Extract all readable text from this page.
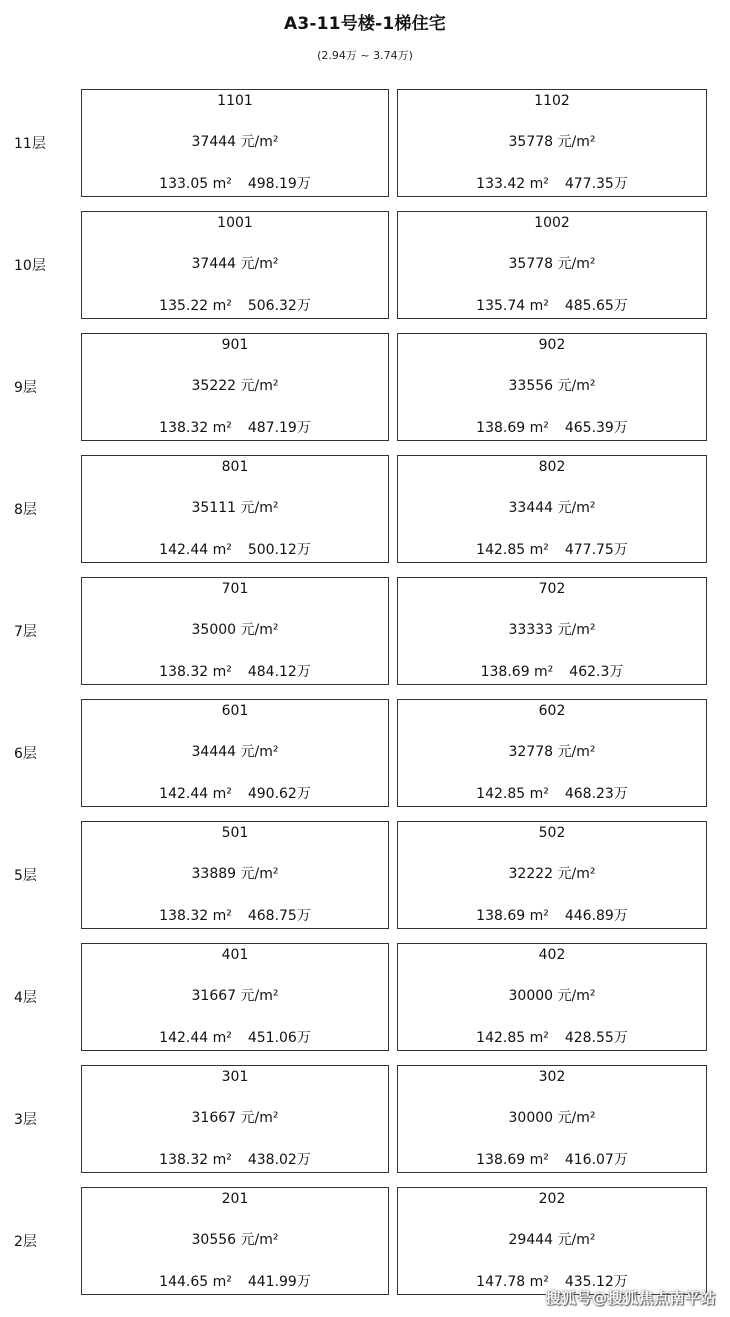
A3-11号楼-1梯住宅
(2.94万 ~ 3.74万)
11层
1101
37444 元/m²
133.05 m² 498.19万
1102
35778 元/m²
133.42 m² 477.35万
10层
1001
37444 元/m²
135.22 m² 506.32万
1002
35778 元/m²
135.74 m² 485.65万
9层
901
35222 元/m²
138.32 m² 487.19万
902
33556 元/m²
138.69 m² 465.39万
8层
801
35111 元/m²
142.44 m² 500.12万
802
33444 元/m²
142.85 m² 477.75万
7层
701
35000 元/m²
138.32 m² 484.12万
702
33333 元/m²
138.69 m² 462.3万
6层
601
34444 元/m²
142.44 m² 490.62万
602
32778 元/m²
142.85 m² 468.23万
5层
501
33889 元/m²
138.32 m² 468.75万
502
32222 元/m²
138.69 m² 446.89万
4层
401
31667 元/m²
142.44 m² 451.06万
402
30000 元/m²
142.85 m² 428.55万
3层
301
31667 元/m²
138.32 m² 438.02万
302
30000 元/m²
138.69 m² 416.07万
2层
201
30556 元/m²
144.65 m² 441.99万
202
29444 元/m²
147.78 m² 435.12万
搜狐号@搜狐焦点南平站
